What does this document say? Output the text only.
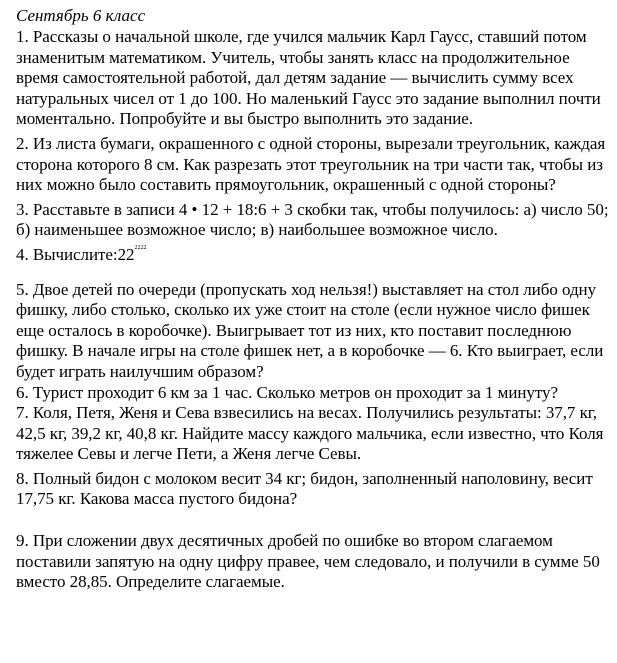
Сентябрь 6 класс

1. Рассказы о начальной школе, где учился мальчик Карл Гаусс, ставший потом знаменитым математиком. Учитель, чтобы занять класс на продолжительное время самостоятельной работой, дал детям задание — вычислить сумму всех натуральных чисел от 1 до 100. Но маленький Гаусс это задание выполнил почти моментально. Попробуйте и вы быстро выполнить это задание.

2. Из листа бумаги, окрашенного с одной стороны, вырезали треугольник, каждая сторона которого 8 см. Как разрезать этот треугольник на три части так, чтобы из них можно было составить прямоугольник, окрашенный с одной стороны?

3. Расставьте в записи 4 • 12 + 18:6 + 3 скобки так, чтобы получилось: а) число 50; б) наименьшее возможное число; в) наибольшее возможное число.

4. $Вычислите:22^{2222}$

5. Двое детей по очереди (пропускать ход нельзя!) выставляет на стол либо одну фишку, либо столько, сколько их уже стоит на столе (если нужное число фишек еще осталось в коробочке). Выигрывает тот из них, кто поставит последнюю фишку. В начале игры на столе фишек нет, а в коробочке — 6. Кто выиграет, если будет играть наилучшим образом?

6. Турист проходит 6 км за 1 час. Сколько метров он проходит за 1 минуту?

7. Коля, Петя, Женя и Сева взвесились на весах. Получились результаты: 37,7 кг, 42,5 кг, 39,2 кг, 40,8 кг. Найдите массу каждого мальчика, если известно, что Коля тяжелее Севы и легче Пети, а Женя легче Севы.

8. Полный бидон с молоком весит 34 кг; бидон, заполненный наполовину, весит 17,75 кг. Какова масса пустого бидона?

9. При сложении двух десятичных дробей по ошибке во втором слагаемом поставили запятую на одну цифру правее, чем следовало, и получили в сумме 50 вместо 28,85. Определите слагаемые.
